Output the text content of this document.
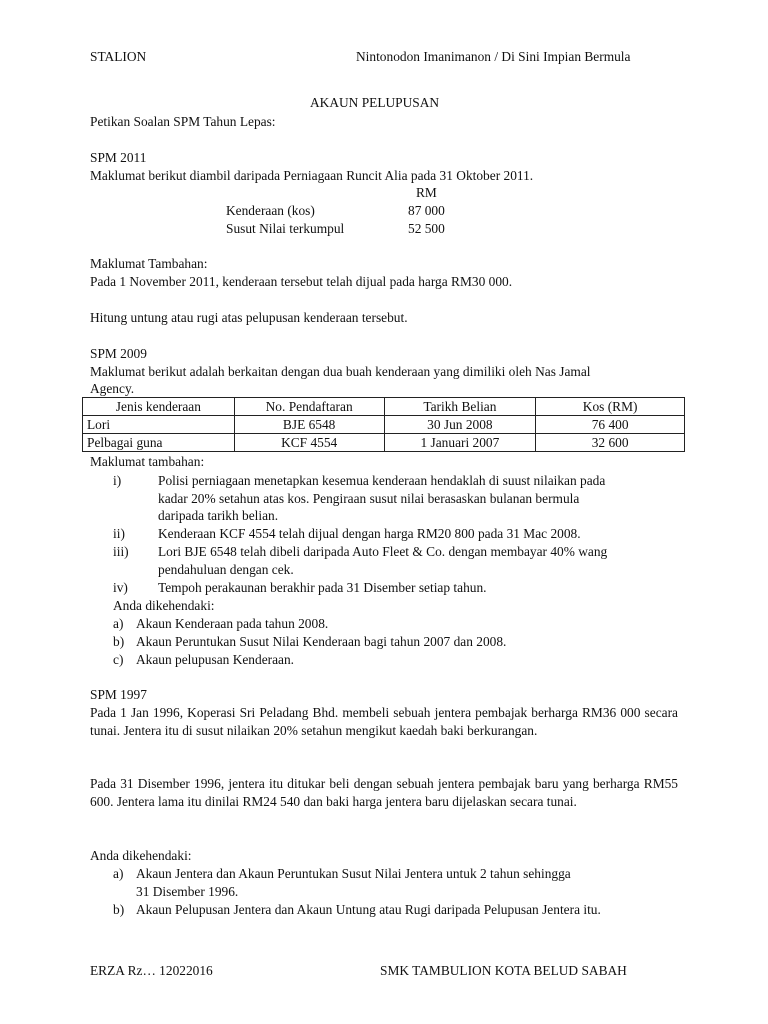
STALION	Nintonodon Imanimanon / Di Sini Impian Bermula
AKAUN PELUPUSAN
Petikan Soalan SPM Tahun Lepas:
SPM 2011
Maklumat berikut diambil daripada Perniagaan Runcit Alia pada 31 Oktober 2011.
RM
Kenderaan (kos)	87 000
Susut Nilai terkumpul	52 500
Maklumat Tambahan:
Pada 1 November 2011, kenderaan tersebut telah dijual pada harga RM30 000.
Hitung untung atau rugi atas pelupusan kenderaan tersebut.
SPM 2009
Maklumat berikut adalah berkaitan dengan dua buah kenderaan yang dimiliki oleh Nas Jamal
Agency.
Jenis kenderaan	No. Pendaftaran	Tarikh Belian	Kos (RM)
Lori	BJE 6548	30 Jun 2008	76 400
Pelbagai guna	KCF 4554	1 Januari 2007	32 600
Maklumat tambahan:
i)	Polisi perniagaan menetapkan kesemua kenderaan hendaklah di suust nilaikan pada
kadar 20% setahun atas kos. Pengiraan susut nilai berasaskan bulanan bermula
daripada tarikh belian.
ii) Kenderaan KCF 4554 telah dijual dengan harga RM20 800 pada 31 Mac 2008.
iii) Lori BJE 6548 telah dibeli daripada Auto Fleet & Co. dengan membayar 40% wang
pendahuluan dengan cek.
iv) Tempoh perakaunan berakhir pada 31 Disember setiap tahun.
Anda dikehendaki:
a) Akaun Kenderaan pada tahun 2008.
b) Akaun Peruntukan Susut Nilai Kenderaan bagi tahun 2007 dan 2008.
c) Akaun pelupusan Kenderaan.
SPM 1997
Pada 1 Jan 1996, Koperasi Sri Peladang Bhd. membeli sebuah jentera pembajak berharga RM36 000 secara tunai. Jentera itu di susut nilaikan 20% setahun mengikut kaedah baki berkurangan.
Pada 31 Disember 1996, jentera itu ditukar beli dengan sebuah jentera pembajak baru yang berharga RM55 600. Jentera lama itu dinilai RM24 540 dan baki harga jentera baru dijelaskan secara tunai.
Anda dikehendaki:
a) Akaun Jentera dan Akaun Peruntukan Susut Nilai Jentera untuk 2 tahun sehingga
31 Disember 1996.
b) Akaun Pelupusan Jentera dan Akaun Untung atau Rugi daripada Pelupusan Jentera itu.
ERZA Rz… 12022016	SMK TAMBULION KOTA BELUD SABAH
